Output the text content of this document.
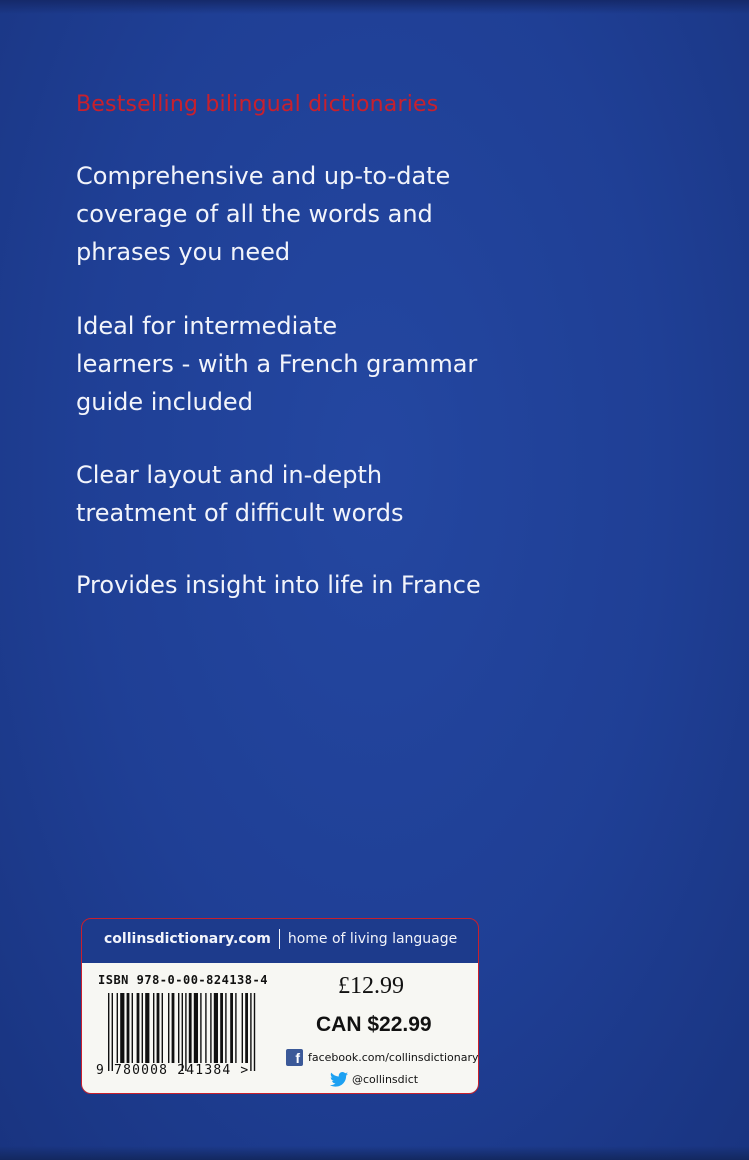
Bestselling bilingual dictionaries
Comprehensive and up-to-date
coverage of all the words and
phrases you need
Ideal for intermediate
learners - with a French grammar
guide included
Clear layout and in-depth
treatment of difficult words
Provides insight into life in France
collinsdictionary.com home of living language
ISBN 978-0-00-824138-4
9 780008 241384 >
£12.99
CAN $22.99
f facebook.com/collinsdictionary
@collinsdict
